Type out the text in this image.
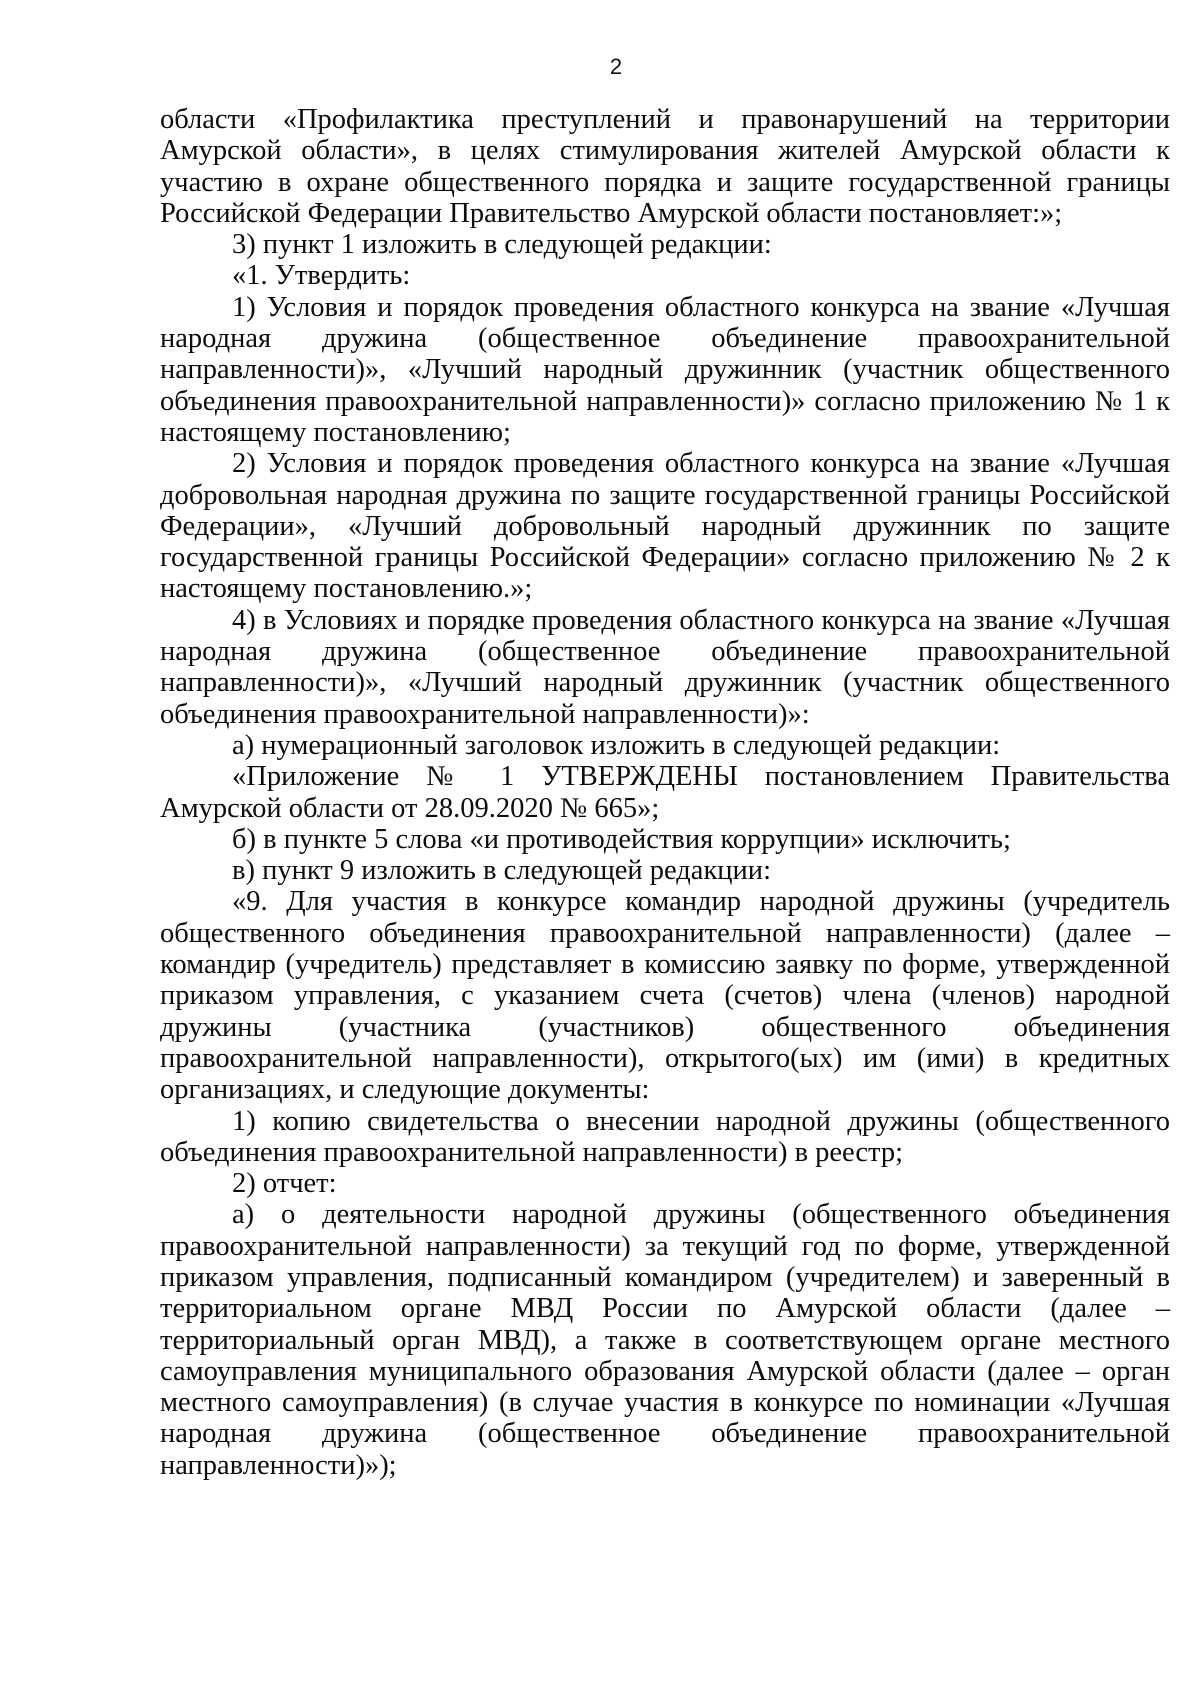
2

области «Профилактика преступлений и правонарушений на территории Амурской области», в целях стимулирования жителей Амурской области к участию в охране общественного порядка и защите государственной границы Российской Федерации Правительство Амурской области постановляет:»;

3) пункт 1 изложить в следующей редакции:

«1. Утвердить:

1) Условия и порядок проведения областного конкурса на звание «Лучшая народная дружина (общественное объединение правоохранительной направленности)», «Лучший народный дружинник (участник общественного объединения правоохранительной направленности)» согласно приложению № 1 к настоящему постановлению;

2) Условия и порядок проведения областного конкурса на звание «Лучшая добровольная народная дружина по защите государственной границы Российской Федерации», «Лучший добровольный народный дружинник по защите государственной границы Российской Федерации» согласно приложению № 2 к настоящему постановлению.»;

4) в Условиях и порядке проведения областного конкурса на звание «Лучшая народная дружина (общественное объединение правоохранительной направленности)», «Лучший народный дружинник (участник общественного объединения правоохранительной направленности)»:

а) нумерационный заголовок изложить в следующей редакции:

«Приложение № 1 УТВЕРЖДЕНЫ постановлением Правительства Амурской области от 28.09.2020 № 665»;

б) в пункте 5 слова «и противодействия коррупции» исключить;

в) пункт 9 изложить в следующей редакции:

«9. Для участия в конкурсе командир народной дружины (учредитель общественного объединения правоохранительной направленности) (далее – командир (учредитель) представляет в комиссию заявку по форме, утвержденной приказом управления, с указанием счета (счетов) члена (членов) народной дружины (участника (участников) общественного объединения правоохранительной направленности), открытого(ых) им (ими) в кредитных организациях, и следующие документы:

1) копию свидетельства о внесении народной дружины (общественного объединения правоохранительной направленности) в реестр;

2) отчет:

а) о деятельности народной дружины (общественного объединения правоохранительной направленности) за текущий год по форме, утвержденной приказом управления, подписанный командиром (учредителем) и заверенный в территориальном органе МВД России по Амурской области (далее – территориальный орган МВД), а также в соответствующем органе местного самоуправления муниципального образования Амурской области (далее – орган местного самоуправления) (в случае участия в конкурсе по номинации «Лучшая народная дружина (общественное объединение правоохранительной направленности)»);
